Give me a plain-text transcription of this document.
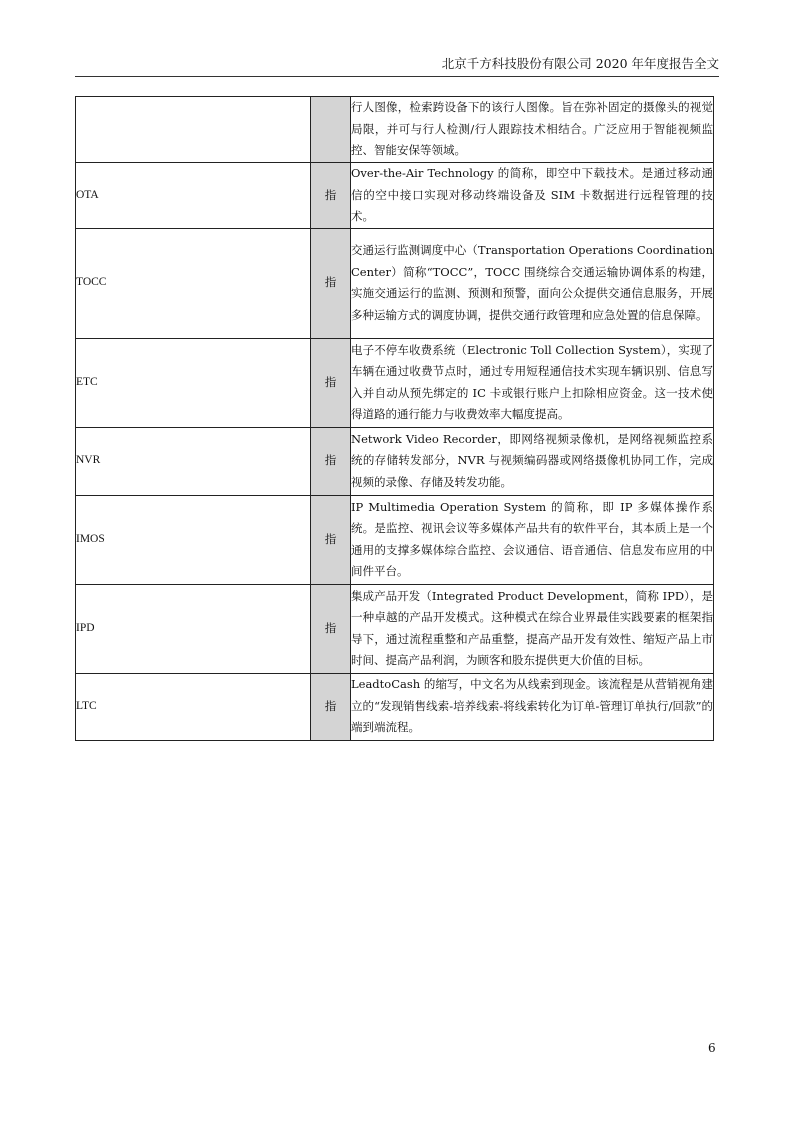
北京千方科技股份有限公司 2020 年年度报告全文
		行人图像，检索跨设备下的该行人图像。旨在弥补固定的摄像头的视觉局限，并可与行人检测/行人跟踪技术相结合。广泛应用于智能视频监控、智能安保等领域。
OTA	指	Over-the-Air Technology 的简称，即空中下载技术。是通过移动通信的空中接口实现对移动终端设备及 SIM 卡数据进行远程管理的技术。
TOCC	指	交通运行监测调度中心（Transportation Operations Coordination Center）简称“TOCC”，TOCC 围绕综合交通运输协调体系的构建，实施交通运行的监测、预测和预警，面向公众提供交通信息服务，开展多种运输方式的调度协调，提供交通行政管理和应急处置的信息保障。
ETC	指	电子不停车收费系统（Electronic Toll Collection System），实现了车辆在通过收费节点时，通过专用短程通信技术实现车辆识别、信息写入并自动从预先绑定的 IC 卡或银行账户上扣除相应资金。这一技术使得道路的通行能力与收费效率大幅度提高。
NVR	指	Network Video Recorder，即网络视频录像机，是网络视频监控系统的存储转发部分，NVR 与视频编码器或网络摄像机协同工作，完成视频的录像、存储及转发功能。
IMOS	指	IP Multimedia Operation System 的简称，即 IP 多媒体操作系统。是监控、视讯会议等多媒体产品共有的软件平台，其本质上是一个通用的支撑多媒体综合监控、会议通信、语音通信、信息发布应用的中间件平台。
IPD	指	集成产品开发（Integrated Product Development，简称 IPD），是一种卓越的产品开发模式。这种模式在综合业界最佳实践要素的框架指导下，通过流程重整和产品重整，提高产品开发有效性、缩短产品上市时间、提高产品利润，为顾客和股东提供更大价值的目标。
LTC	指	LeadtoCash 的缩写，中文名为从线索到现金。该流程是从营销视角建立的“发现销售线索-培养线索-将线索转化为订单-管理订单执行/回款”的端到端流程。
6
